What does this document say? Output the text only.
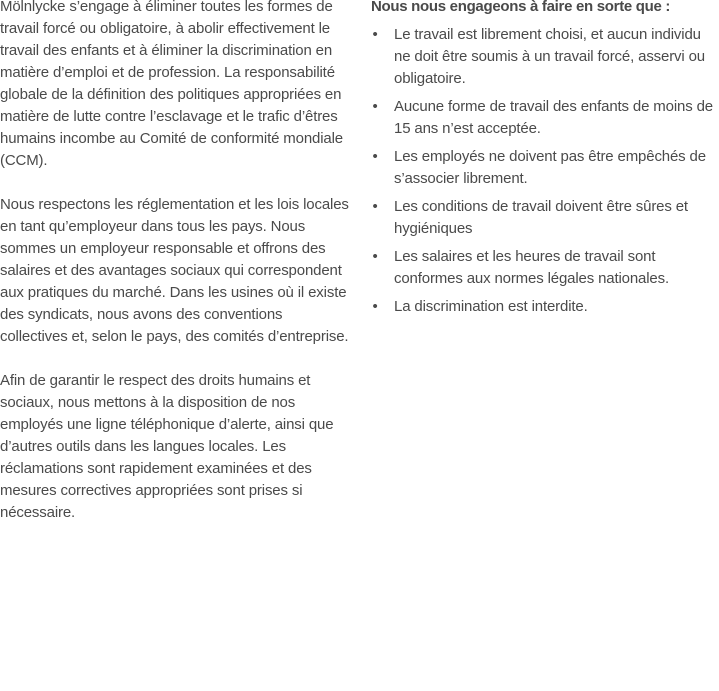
Mölnlycke s’engage à éliminer toutes les formes de travail forcé ou obligatoire, à abolir effectivement le travail des enfants et à éliminer la discrimination en matière d’emploi et de profession. La responsabilité globale de la définition des politiques appropriées en matière de lutte contre l’esclavage et le trafic d’êtres humains incombe au Comité de conformité mondiale (CCM).

Nous respectons les réglementation et les lois locales en tant qu’employeur dans tous les pays. Nous sommes un employeur responsable et offrons des salaires et des avantages sociaux qui correspondent aux pratiques du marché. Dans les usines où il existe des syndicats, nous avons des conventions collectives et, selon le pays, des comités d’entreprise.

Afin de garantir le respect des droits humains et sociaux, nous mettons à la disposition de nos employés une ligne téléphonique d’alerte, ainsi que d’autres outils dans les langues locales. Les réclamations sont rapidement examinées et des mesures correctives appropriées sont prises si nécessaire.

Nous nous engageons à faire en sorte que :

• Le travail est librement choisi, et aucun individu ne doit être soumis à un travail forcé, asservi ou obligatoire.
• Aucune forme de travail des enfants de moins de 15 ans n’est acceptée.
• Les employés ne doivent pas être empêchés de s’associer librement.
• Les conditions de travail doivent être sûres et hygiéniques
• Les salaires et les heures de travail sont conformes aux normes légales nationales.
• La discrimination est interdite.
